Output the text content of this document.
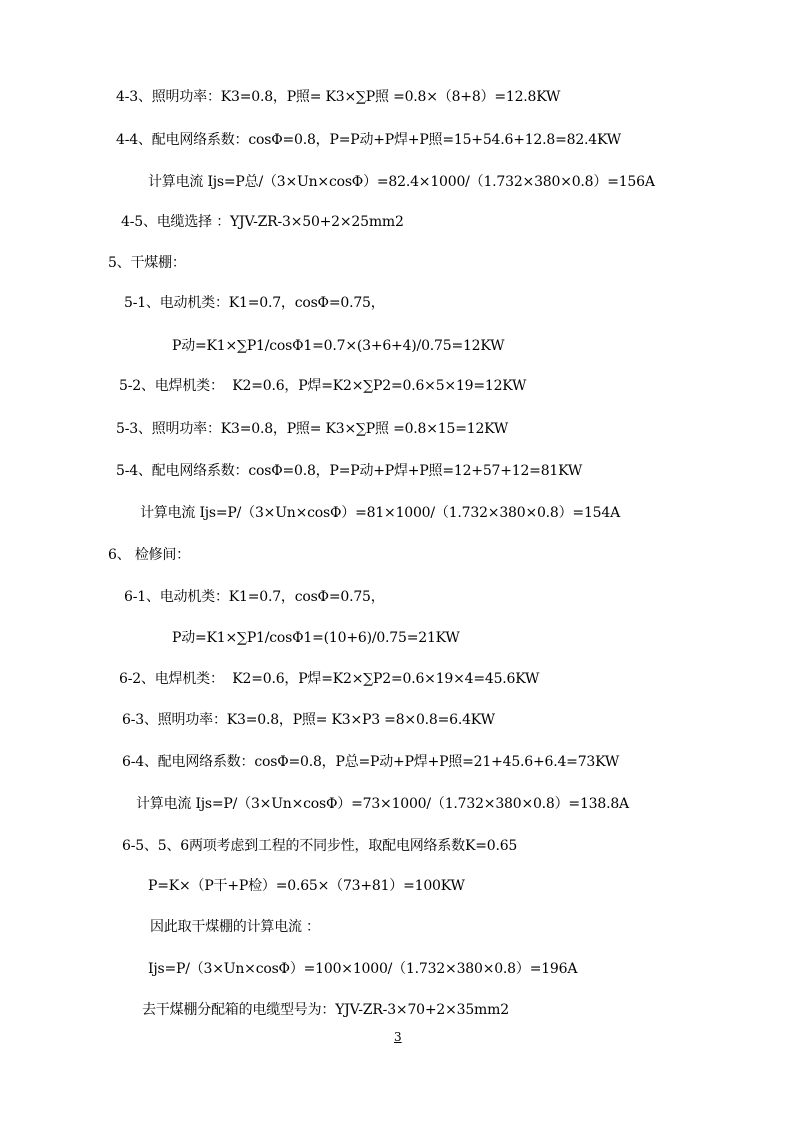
4-3、照明功率：K3=0.8，P照= K3×∑P照 =0.8×（8+8）=12.8KW
4-4、配电网络系数：cosΦ=0.8，P=P动+P焊+P照=15+54.6+12.8=82.4KW
计算电流 Ijs=P总/（3×Un×cosΦ）=82.4×1000/（1.732×380×0.8）=156A
4-5、电缆选择 ：YJV-ZR-3×50+2×25mm2
5、干煤棚：
5-1、电动机类：K1=0.7，cosΦ=0.75，
P动=K1×∑P1/cosΦ1=0.7×(3+6+4)/0.75=12KW
5-2、电焊机类：  K2=0.6，P焊=K2×∑P2=0.6×5×19=12KW
5-3、照明功率：K3=0.8，P照= K3×∑P照 =0.8×15=12KW
5-4、配电网络系数：cosΦ=0.8，P=P动+P焊+P照=12+57+12=81KW
计算电流 Ijs=P/（3×Un×cosΦ）=81×1000/（1.732×380×0.8）=154A
6、 检修间：
6-1、电动机类：K1=0.7，cosΦ=0.75，
P动=K1×∑P1/cosΦ1=(10+6)/0.75=21KW
6-2、电焊机类：  K2=0.6，P焊=K2×∑P2=0.6×19×4=45.6KW
6-3、照明功率：K3=0.8，P照= K3×P3 =8×0.8=6.4KW
6-4、配电网络系数：cosΦ=0.8，P总=P动+P焊+P照=21+45.6+6.4=73KW
计算电流 Ijs=P/（3×Un×cosΦ）=73×1000/（1.732×380×0.8）=138.8A
6-5、5、6两项考虑到工程的不同步性，取配电网络系数K=0.65
P=K×（P干+P检）=0.65×（73+81）=100KW
因此取干煤棚的计算电流 ：
Ijs=P/（3×Un×cosΦ）=100×1000/（1.732×380×0.8）=196A
去干煤棚分配箱的电缆型号为：YJV-ZR-3×70+2×35mm2
3
